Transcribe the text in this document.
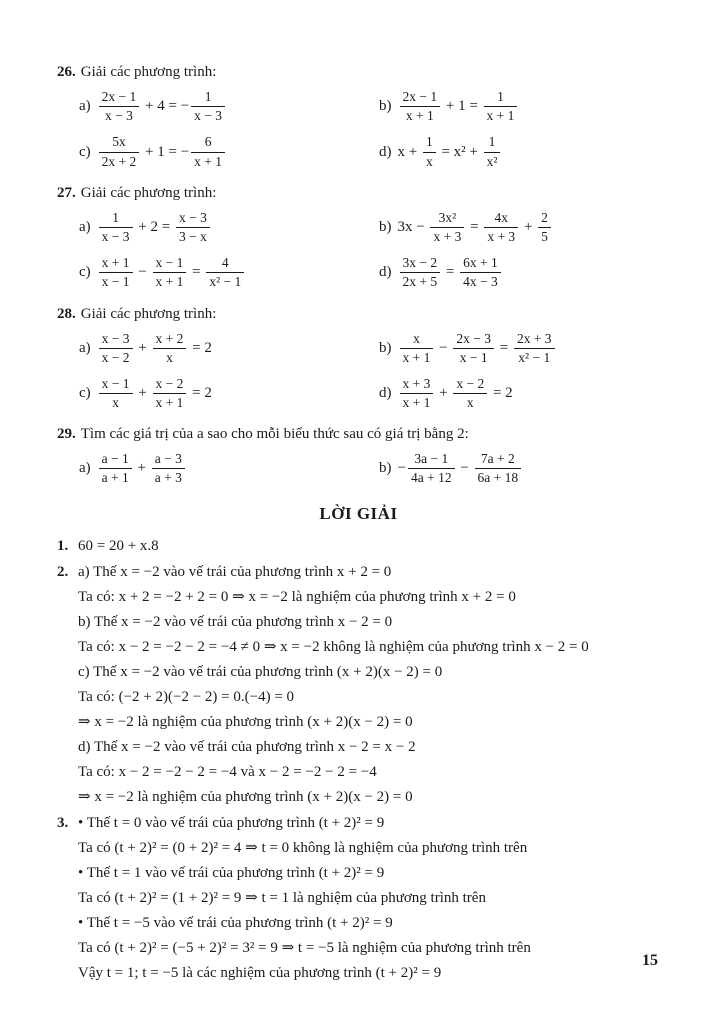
26. Giải các phương trình:
$a) \frac{2x - 1}{x - 3} + 4$ = − $\frac{1}{x - 3}$	$b) \frac{2x - 1}{x + 1} + 1 = \frac{1}{x + 1}$
$c) \frac{5x}{2x + 2} + 1$ = − $\frac{6}{x + 1}$	d) $x + \frac{1}{x} = x^2 + \frac{1}{\text{x²}}$
27. Giải các phương trình:
$a) \frac{1}{x - 3} + 2 = \frac{x - 3}{3 - x}$	b) $3x - \frac{\text{3x²}}{x + 3} = \frac{4x}{x + 3} + \frac{2}{5}$
$c) \frac{x + 1}{x - 1} - \frac{x - 1}{x + 1} = \frac{4}{\text{x² − 1}}$	$d) \frac{3x - 2}{2x + 5} = \frac{6x + 1}{4x - 3}$
28. Giải các phương trình:
$a) \frac{x - 3}{x - 2} + \frac{x + 2}{x} = 2$	$b) \frac{x}{x + 1} - \frac{2x - 3}{x - 1} = \frac{2x + 3}{\text{x² − 1}}$
$c) \frac{x - 1}{x} + \frac{x - 2}{x + 1} = 2$	$d) \frac{x + 3}{x + 1} + \frac{x - 2}{x} = 2$
29. Tìm các giá trị của a sao cho mỗi biểu thức sau có giá trị bằng 2:
$a) \frac{a - 1}{a + 1} + \frac{a - 3}{a + 3}$	$b) - \frac{3a - 1}{4a + 12} - \frac{7a + 2}{6a + 18}$
LỜI GIẢI
1. 60 = 20 + x.8
2. a) Thế x = −2 vào vế trái của phương trình x + 2 = 0
Ta có: x + 2 = −2 + 2 = 0 ⇒ x = −2 là nghiệm của phương trình x + 2 = 0
b) Thế x = −2 vào vế trái của phương trình x − 2 = 0
Ta có: x − 2 = −2 − 2 = −4 ≠ 0 ⇒ x = −2 không là nghiệm của phương trình x − 2 = 0
c) Thế x = −2 vào vế trái của phương trình (x + 2)(x − 2) = 0
Ta có: (−2 + 2)(−2 − 2) = 0.(−4) = 0
⇒ x = −2 là nghiệm của phương trình (x + 2)(x − 2) = 0
d) Thế x = −2 vào vế trái của phương trình x − 2 = x − 2
Ta có: x − 2 = −2 − 2 = −4 và x − 2 = −2 − 2 = −4
⇒ x = −2 là nghiệm của phương trình (x + 2)(x − 2) = 0
3. • Thế t = 0 vào vế trái của phương trình (t + 2)² = 9
Ta có (t + 2)² = (0 + 2)² = 4 ⇒ t = 0 không là nghiệm của phương trình trên
• Thế t = 1 vào vế trái của phương trình (t + 2)² = 9
Ta có (t + 2)² = (1 + 2)² = 9 ⇒ t = 1 là nghiệm của phương trình trên
• Thế t = −5 vào vế trái của phương trình (t + 2)² = 9
Ta có (t + 2)² = (−5 + 2)² = 3² = 9 ⇒ t = −5 là nghiệm của phương trình trên
Vậy t = 1; t = −5 là các nghiệm của phương trình (t + 2)² = 9
15
